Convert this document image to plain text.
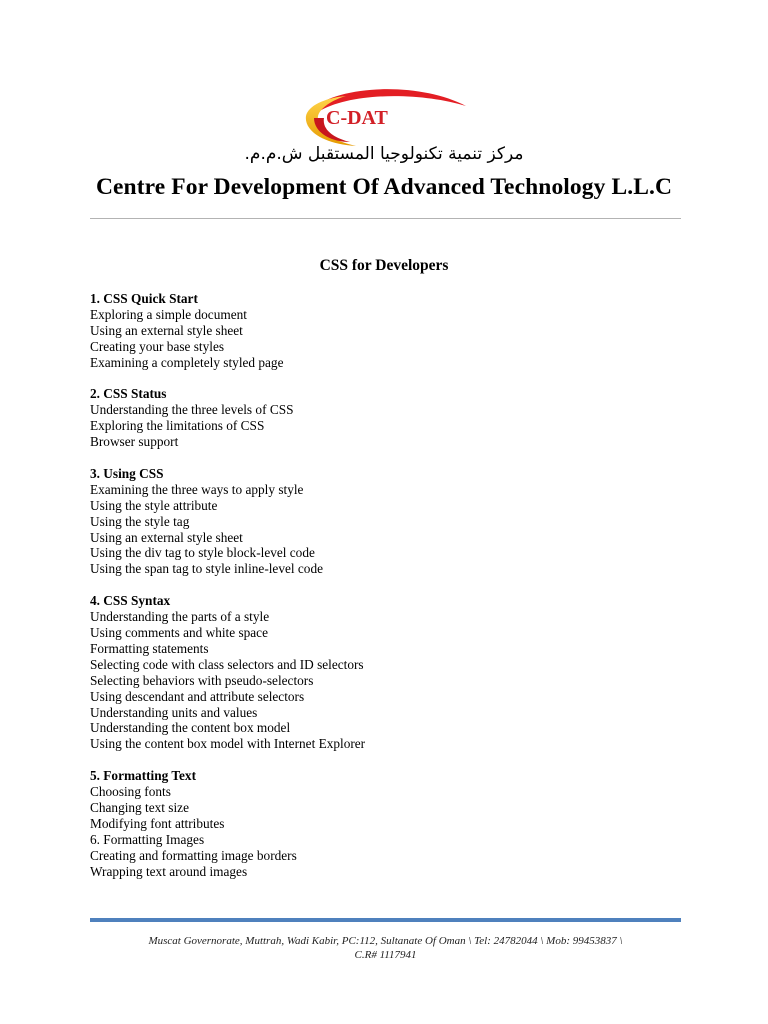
C-DAT
مركز تنمية تكنولوجيا المستقبل ش.م.م.
Centre For Development Of Advanced Technology L.L.C
CSS for Developers
1. CSS Quick Start
Exploring a simple document
Using an external style sheet
Creating your base styles
Examining a completely styled page
2. CSS Status
Understanding the three levels of CSS
Exploring the limitations of CSS
Browser support
3. Using CSS
Examining the three ways to apply style
Using the style attribute
Using the style tag
Using an external style sheet
Using the div tag to style block-level code
Using the span tag to style inline-level code
4. CSS Syntax
Understanding the parts of a style
Using comments and white space
Formatting statements
Selecting code with class selectors and ID selectors
Selecting behaviors with pseudo-selectors
Using descendant and attribute selectors
Understanding units and values
Understanding the content box model
Using the content box model with Internet Explorer
5. Formatting Text
Choosing fonts
Changing text size
Modifying font attributes
6. Formatting Images
Creating and formatting image borders
Wrapping text around images
Muscat Governorate, Muttrah, Wadi Kabir, PC:112, Sultanate Of Oman \ Tel: 24782044 \ Mob: 99453837 \
C.R# 1117941
